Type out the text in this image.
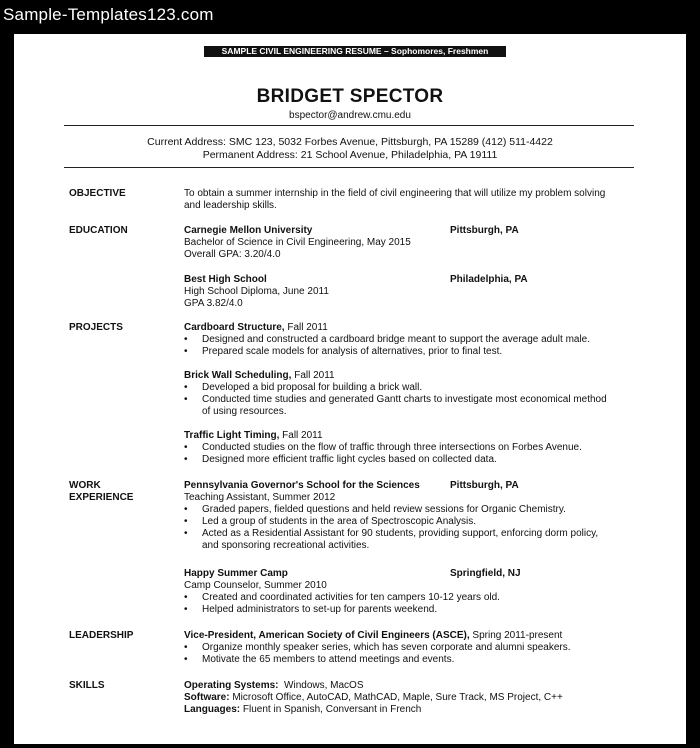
Sample-Templates123.com
SAMPLE CIVIL ENGINEERING RESUME – Sophomores, Freshmen
BRIDGET SPECTOR
bspector@andrew.cmu.edu
Current Address: SMC 123, 5032 Forbes Avenue, Pittsburgh, PA 15289 (412) 511-4422
Permanent Address: 21 School Avenue, Philadelphia, PA 19111
OBJECTIVE	To obtain a summer internship in the field of civil engineering that will utilize my problem solving
and leadership skills.
EDUCATION	Carnegie Mellon University	Pittsburgh, PA
Bachelor of Science in Civil Engineering, May 2015
Overall GPA: 3.20/4.0
Best High School	Philadelphia, PA
High School Diploma, June 2011
GPA 3.82/4.0
PROJECTS	Cardboard Structure, Fall 2011
• Designed and constructed a cardboard bridge meant to support the average adult male.
• Prepared scale models for analysis of alternatives, prior to final test.
Brick Wall Scheduling, Fall 2011
• Developed a bid proposal for building a brick wall.
• Conducted time studies and generated Gantt charts to investigate most economical method
of using resources.
Traffic Light Timing, Fall 2011
• Conducted studies on the flow of traffic through three intersections on Forbes Avenue.
• Designed more efficient traffic light cycles based on collected data.
WORK
EXPERIENCE
Pennsylvania Governor's School for the Sciences	Pittsburgh, PA
Teaching Assistant, Summer 2012
• Graded papers, fielded questions and held review sessions for Organic Chemistry.
• Led a group of students in the area of Spectroscopic Analysis.
• Acted as a Residential Assistant for 90 students, providing support, enforcing dorm policy,
and sponsoring recreational activities.
Happy Summer Camp	Springfield, NJ
Camp Counselor, Summer 2010
• Created and coordinated activities for ten campers 10-12 years old.
• Helped administrators to set-up for parents weekend.
LEADERSHIP	Vice-President, American Society of Civil Engineers (ASCE), Spring 2011-present
• Organize monthly speaker series, which has seven corporate and alumni speakers.
• Motivate the 65 members to attend meetings and events.
SKILLS	Operating Systems:  Windows, MacOS
Software: Microsoft Office, AutoCAD, MathCAD, Maple, Sure Track, MS Project, C++
Languages: Fluent in Spanish, Conversant in French
